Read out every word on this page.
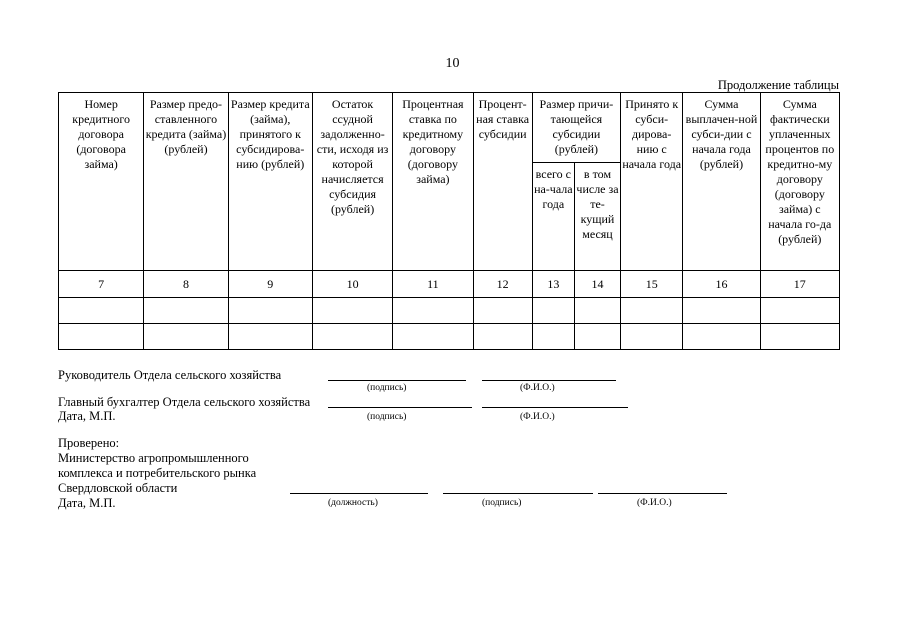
10
Продолжение таблицы
Номер кредитного договора (договора займа)	Размер предо-ставленного кредита (займа) (рублей)	Размер кредита (займа), принятого к субсидирова-нию (рублей)	Остаток ссудной задолженно-сти, исходя из которой начисляется субсидия (рублей)	Процентная ставка по кредитному договору (договору займа)	Процент-ная ставка субсидии	Размер причи-тающейся субсидии (рублей)		Принято к субси-дирова-нию с начала года	Сумма выплачен-ной субси-дии с начала года (рублей)	Сумма фактически уплаченных процентов по кредитно-му договору (договору займа) с начала го-да (рублей)
						всего с на-чала года	в том числе за те-кущий месяц			
7	8	9	10	11	12	13	14	15	16	17

Руководитель Отдела сельского хозяйства
(подпись)	(Ф.И.О.)
Главный бухгалтер Отдела сельского хозяйства
Дата, М.П.	(подпись)	(Ф.И.О.)
Проверено:
Министерство агропромышленного
комплекса и потребительского рынка
Свердловской области
Дата, М.П.	(должность)	(подпись)	(Ф.И.О.)
